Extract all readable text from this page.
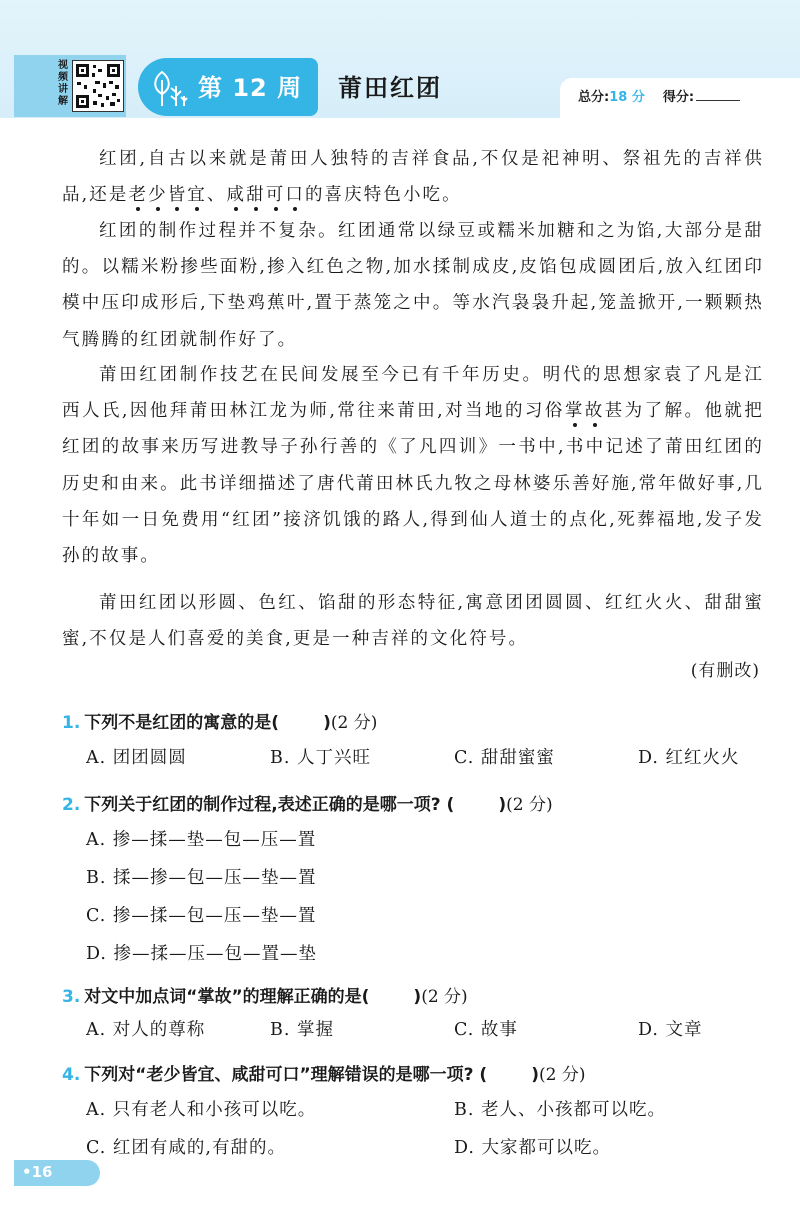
视频讲解	第 12 周 莆田红团	总分:18 分 得分:

红团,自古以来就是莆田人独特的吉祥食品,不仅是祀神明、祭祖先的吉祥供品,还是老少皆宜、咸甜可口的喜庆特色小吃。

红团的制作过程并不复杂。红团通常以绿豆或糯米加糖和之为馅,大部分是甜的。以糯米粉掺些面粉,掺入红色之物,加水揉制成皮,皮馅包成圆团后,放入红团印模中压印成形后,下垫鸡蕉叶,置于蒸笼之中。等水汽袅袅升起,笼盖掀开,一颗颗热气腾腾的红团就制作好了。

莆田红团制作技艺在民间发展至今已有千年历史。明代的思想家袁了凡是江西人氏,因他拜莆田林江龙为师,常往来莆田,对当地的习俗掌故甚为了解。他就把红团的故事来历写进教导子孙行善的《了凡四训》一书中,书中记述了莆田红团的历史和由来。此书详细描述了唐代莆田林氏九牧之母林婆乐善好施,常年做好事,几十年如一日免费用“红团”接济饥饿的路人,得到仙人道士的点化,死葬福地,发子发孙的故事。

莆田红团以形圆、色红、馅甜的形态特征,寓意团团圆圆、红红火火、甜甜蜜蜜,不仅是人们喜爱的美食,更是一种吉祥的文化符号。

(有删改)
1. 下列不是红团的寓意的是(	)(2 分)
A. 团团圆圆	B. 人丁兴旺	C. 甜甜蜜蜜	D. 红红火火
2. 下列关于红团的制作过程,表述正确的是哪一项? (	)(2 分)
A. 掺—揉—垫—包—压—置
B. 揉—掺—包—压—垫—置
C. 掺—揉—包—压—垫—置
D. 掺—揉—压—包—置—垫
3. 对文中加点词“掌故”的理解正确的是(	)(2 分)
A. 对人的尊称	B. 掌握	C. 故事	D. 文章
4. 下列对“老少皆宜、咸甜可口”理解错误的是哪一项? (	)(2 分)
A. 只有老人和小孩可以吃。	B. 老人、小孩都可以吃。
C. 红团有咸的,有甜的。	D. 大家都可以吃。
•16
